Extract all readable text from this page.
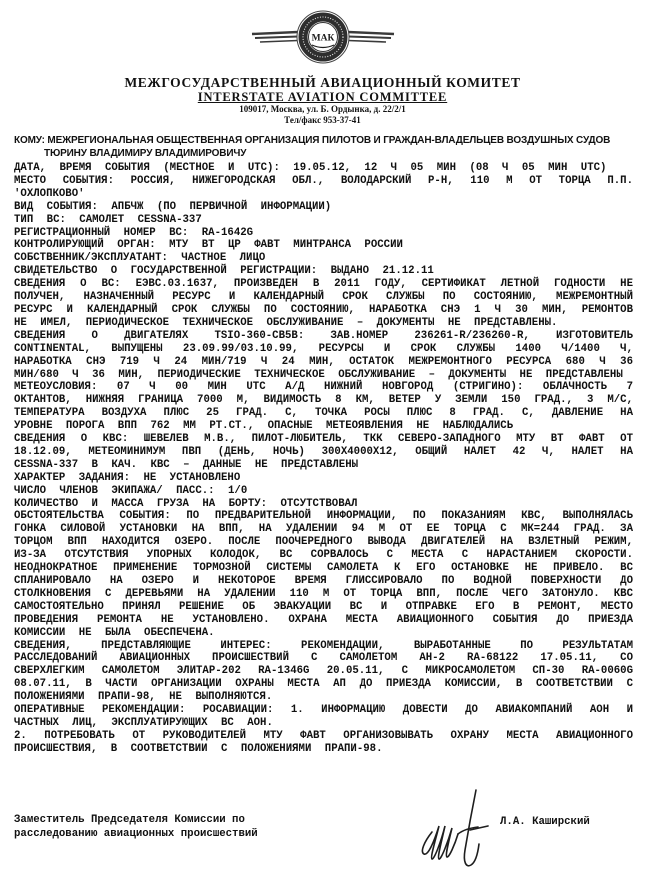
МАК
МЕЖГОСУДАРСТВЕННЫЙ АВИАЦИОННЫЙ КОМИТЕТ
INTERSTATE AVIATION COMMITTEE
109017, Москва, ул. Б. Ордынка, д. 22/2/1
Тел/факс 953-37-41
КОМУ: МЕЖРЕГИОНАЛЬНАЯ ОБЩЕСТВЕННАЯ ОРГАНИЗАЦИЯ ПИЛОТОВ И ГРАЖДАН-ВЛАДЕЛЬЦЕВ ВОЗДУШНЫХ СУДОВ
ТЮРИНУ ВЛАДИМИРУ ВЛАДИМИРОВИЧУ

ДАТА, ВРЕМЯ СОБЫТИЯ (МЕСТНОЕ И UTC): 19.05.12, 12 Ч 05 МИН (08 Ч 05 МИН UTC)

МЕСТО СОБЫТИЯ: РОССИЯ, НИЖЕГОРОДСКАЯ ОБЛ., ВОЛОДАРСКИЙ Р-Н, 110 М ОТ ТОРЦА П.П. 'ОХЛОПКОВО'

ВИД СОБЫТИЯ: АПБЧЖ (ПО ПЕРВИЧНОЙ ИНФОРМАЦИИ)

ТИП ВС: САМОЛЕТ CESSNA-337

РЕГИСТРАЦИОННЫЙ НОМЕР ВС: RA-1642G

КОНТРОЛИРУЮЩИЙ ОРГАН: МТУ ВТ ЦР ФАВТ МИНТРАНСА РОССИИ

СОБСТВЕННИК/ЭКСПЛУАТАНТ: ЧАСТНОЕ ЛИЦО

СВИДЕТЕЛЬСТВО О ГОСУДАРСТВЕННОЙ РЕГИСТРАЦИИ: ВЫДАНО 21.12.11

СВЕДЕНИЯ О ВС: ЕЭВС.03.1637, ПРОИЗВЕДЕН В 2011 ГОДУ, СЕРТИФИКАТ ЛЕТНОЙ ГОДНОСТИ НЕ ПОЛУЧЕН, НАЗНАЧЕННЫЙ РЕСУРС И КАЛЕНДАРНЫЙ СРОК СЛУЖБЫ ПО СОСТОЯНИЮ, МЕЖРЕМОНТНЫЙ РЕСУРС И КАЛЕНДАРНЫЙ СРОК СЛУЖБЫ ПО СОСТОЯНИЮ, НАРАБОТКА СНЭ 1 Ч 30 МИН, РЕМОНТОВ НЕ ИМЕЛ, ПЕРИОДИЧЕСКОЕ ТЕХНИЧЕСКОЕ ОБСЛУЖИВАНИЕ – ДОКУМЕНТЫ НЕ ПРЕДСТАВЛЕНЫ.

СВЕДЕНИЯ О ДВИГАТЕЛЯХ TSIO-360-CB5B: ЗАВ.НОМЕР 236261-R/236260-R, ИЗГОТОВИТЕЛЬ CONTINENTAL, ВЫПУЩЕНЫ 23.09.99/03.10.99, РЕСУРСЫ И СРОК СЛУЖБЫ 1400 Ч/1400 Ч, НАРАБОТКА СНЭ 719 Ч 24 МИН/719 Ч 24 МИН, ОСТАТОК МЕЖРЕМОНТНОГО РЕСУРСА 680 Ч 36 МИН/680 Ч 36 МИН, ПЕРИОДИЧЕСКИЕ ТЕХНИЧЕСКОЕ ОБСЛУЖИВАНИЕ – ДОКУМЕНТЫ НЕ ПРЕДСТАВЛЕНЫ

МЕТЕОУСЛОВИЯ: 07 Ч 00 МИН UTC А/Д НИЖНИЙ НОВГОРОД (СТРИГИНО): ОБЛАЧНОСТЬ 7 ОКТАНТОВ, НИЖНЯЯ ГРАНИЦА 7000 М, ВИДИМОСТЬ 8 КМ, ВЕТЕР У ЗЕМЛИ 150 ГРАД., 3 М/С, ТЕМПЕРАТУРА ВОЗДУХА ПЛЮС 25 ГРАД. С, ТОЧКА РОСЫ ПЛЮС 8 ГРАД. С, ДАВЛЕНИЕ НА УРОВНЕ ПОРОГА ВПП 762 ММ РТ.СТ., ОПАСНЫЕ МЕТЕОЯВЛЕНИЯ НЕ НАБЛЮДАЛИСЬ

СВЕДЕНИЯ О КВС: ШЕВЕЛЕВ М.В., ПИЛОТ-ЛЮБИТЕЛЬ, ТКК СЕВЕРО-ЗАПАДНОГО МТУ ВТ ФАВТ ОТ 18.12.09, МЕТЕОМИНИМУМ ПВП (ДЕНЬ, НОЧЬ) 300X4000X12, ОБЩИЙ НАЛЕТ 42 Ч, НАЛЕТ НА CESSNA-337 В КАЧ. КВС – ДАННЫЕ НЕ ПРЕДСТАВЛЕНЫ

ХАРАКТЕР ЗАДАНИЯ: НЕ УСТАНОВЛЕНО

ЧИСЛО ЧЛЕНОВ ЭКИПАЖА/ ПАСС.: 1/0

КОЛИЧЕСТВО И МАССА ГРУЗА НА БОРТУ: ОТСУТСТВОВАЛ

ОБСТОЯТЕЛЬСТВА СОБЫТИЯ: ПО ПРЕДВАРИТЕЛЬНОЙ ИНФОРМАЦИИ, ПО ПОКАЗАНИЯМ КВС, ВЫПОЛНЯЛАСЬ ГОНКА СИЛОВОЙ УСТАНОВКИ НА ВПП, НА УДАЛЕНИИ 94 М ОТ ЕЕ ТОРЦА С МК=244 ГРАД. ЗА ТОРЦОМ ВПП НАХОДИТСЯ ОЗЕРО. ПОСЛЕ ПООЧЕРЕДНОГО ВЫВОДА ДВИГАТЕЛЕЙ НА ВЗЛЕТНЫЙ РЕЖИМ, ИЗ-ЗА ОТСУТСТВИЯ УПОРНЫХ КОЛОДОК, ВС СОРВАЛОСЬ С МЕСТА С НАРАСТАНИЕМ СКОРОСТИ. НЕОДНОКРАТНОЕ ПРИМЕНЕНИЕ ТОРМОЗНОЙ СИСТЕМЫ САМОЛЕТА К ЕГО ОСТАНОВКЕ НЕ ПРИВЕЛО. ВС СПЛАНИРОВАЛО НА ОЗЕРО И НЕКОТОРОЕ ВРЕМЯ ГЛИССИРОВАЛО ПО ВОДНОЙ ПОВЕРХНОСТИ ДО СТОЛКНОВЕНИЯ С ДЕРЕВЬЯМИ НА УДАЛЕНИИ 110 М ОТ ТОРЦА ВПП, ПОСЛЕ ЧЕГО ЗАТОНУЛО. КВС САМОСТОЯТЕЛЬНО ПРИНЯЛ РЕШЕНИЕ ОБ ЭВАКУАЦИИ ВС И ОТПРАВКЕ ЕГО В РЕМОНТ, МЕСТО ПРОВЕДЕНИЯ РЕМОНТА НЕ УСТАНОВЛЕНО. ОХРАНА МЕСТА АВИАЦИОННОГО СОБЫТИЯ ДО ПРИЕЗДА КОМИССИИ НЕ БЫЛА ОБЕСПЕЧЕНА.

СВЕДЕНИЯ, ПРЕДСТАВЛЯЮЩИЕ ИНТЕРЕС: РЕКОМЕНДАЦИИ, ВЫРАБОТАННЫЕ ПО РЕЗУЛЬТАТАМ РАССЛЕДОВАНИЙ АВИАЦИОННЫХ ПРОИСШЕСТВИЙ С САМОЛЕТОМ АН-2 RA-68122 17.05.11, СО СВЕРХЛЕГКИМ САМОЛЕТОМ ЭЛИТАР-202 RA-1346G 20.05.11, С МИКРОСАМОЛЕТОМ СП-30 RA-0060G 08.07.11, В ЧАСТИ ОРГАНИЗАЦИИ ОХРАНЫ МЕСТА АП ДО ПРИЕЗДА КОМИССИИ, В СООТВЕТСТВИИ С ПОЛОЖЕНИЯМИ ПРАПИ-98, НЕ ВЫПОЛНЯЮТСЯ.

ОПЕРАТИВНЫЕ РЕКОМЕНДАЦИИ: РОСАВИАЦИИ: 1. ИНФОРМАЦИЮ ДОВЕСТИ ДО АВИАКОМПАНИЙ АОН И ЧАСТНЫХ ЛИЦ, ЭКСПЛУАТИРУЮЩИХ ВС АОН.

2. ПОТРЕБОВАТЬ ОТ РУКОВОДИТЕЛЕЙ МТУ ФАВТ ОРГАНИЗОВЫВАТЬ ОХРАНУ МЕСТА АВИАЦИОННОГО ПРОИСШЕСТВИЯ, В СООТВЕТСТВИИ С ПОЛОЖЕНИЯМИ ПРАПИ-98.

Заместитель Председателя Комиссии по
расследованию авиационных происшествий
Л.А. Каширский
